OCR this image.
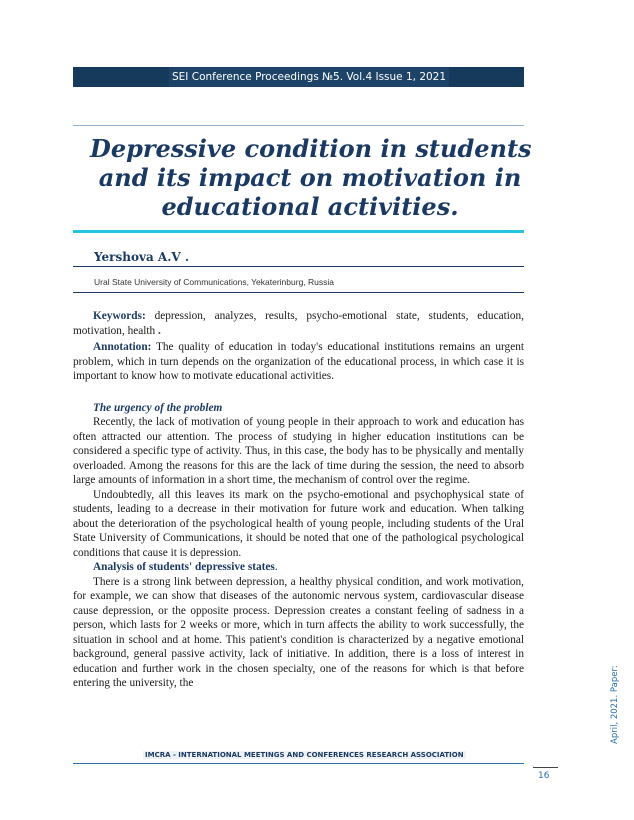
SEI Conference Proceedings №5. Vol.4 Issue 1, 2021
Depressive condition in students
and its impact on motivation in
educational activities.
Yershova A.V .
Ural State University of Communications, Yekaterinburg, Russia

Keywords: depression, analyzes, results, psycho-emotional state, students, education, motivation, health .

Annotation: The quality of education in today's educational institutions remains an urgent problem, which in turn depends on the organization of the educational process, in which case it is important to know how to motivate educational activities.

The urgency of the problem

Recently, the lack of motivation of young people in their approach to work and education has often attracted our attention. The process of studying in higher education institutions can be considered a specific type of activity. Thus, in this case, the body has to be physically and mentally overloaded. Among the reasons for this are the lack of time during the session, the need to absorb large amounts of information in a short time, the mechanism of control over the regime.

Undoubtedly, all this leaves its mark on the psycho-emotional and psychophysical state of students, leading to a decrease in their motivation for future work and education. When talking about the deterioration of the psychological health of young people, including students of the Ural State University of Communications, it should be noted that one of the pathological psychological conditions that cause it is depression.

Analysis of students' depressive states.

There is a strong link between depression, a healthy physical condition, and work motivation, for example, we can show that diseases of the autonomic nervous system, cardiovascular disease cause depression, or the opposite process. Depression creates a constant feeling of sadness in a person, which lasts for 2 weeks or more, which in turn affects the ability to work successfully, the situation in school and at home. This patient's condition is characterized by a negative emotional background, general passive activity, lack of initiative. In addition, there is a loss of interest in education and further work in the chosen specialty, one of the reasons for which is that before entering the university, the	April, 2021. Paper:
IMCRA - INTERNATIONAL MEETINGS AND CONFERENCES RESEARCH ASSOCIATION
16
